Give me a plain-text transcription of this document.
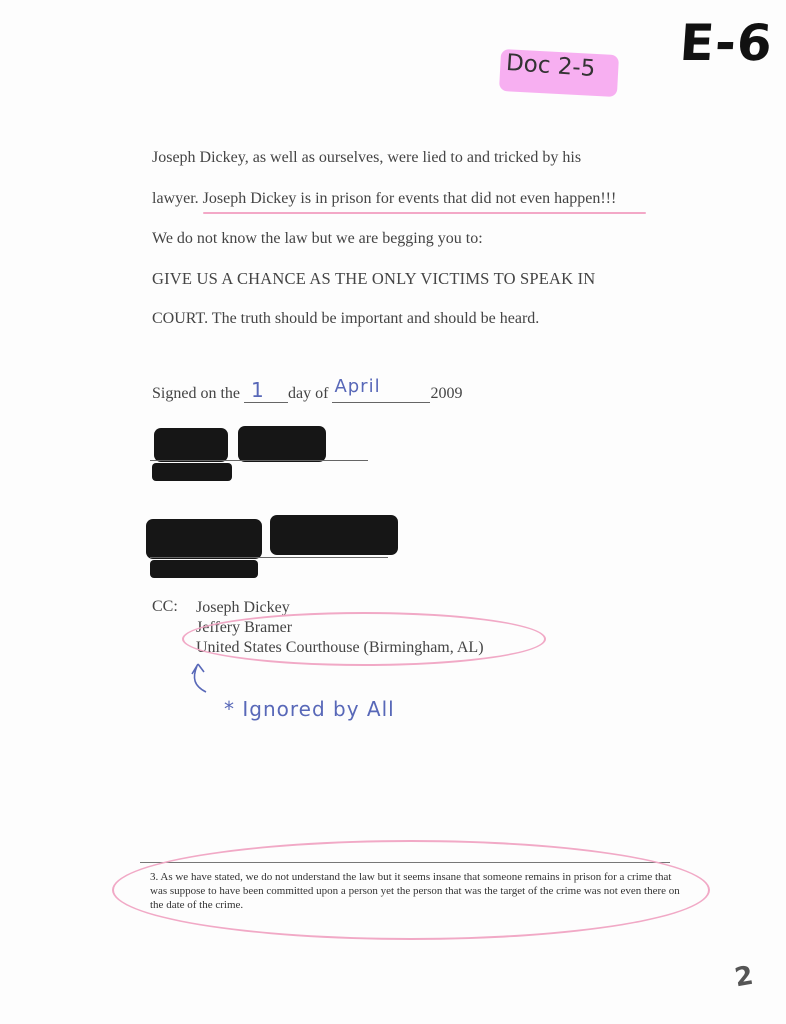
E-6
Doc 2-5
Joseph Dickey, as well as ourselves, were lied to and tricked by his
lawyer. Joseph Dickey is in prison for events that did not even happen!!!
We do not know the law but we are begging you to:
GIVE US A CHANCE AS THE ONLY VICTIMS TO SPEAK IN
COURT. The truth should be important and should be heard.
Signed on the 1 day of April	2009
CC: Joseph Dickey
Jeffery Bramer
United States Courthouse (Birmingham, AL)
* Ignored by All
3. As we have stated, we do not understand the law but it seems insane that someone remains in prison for a crime that was suppose to have been committed upon a person yet the person that was the target of the crime was not even there on the date of the crime.
2
